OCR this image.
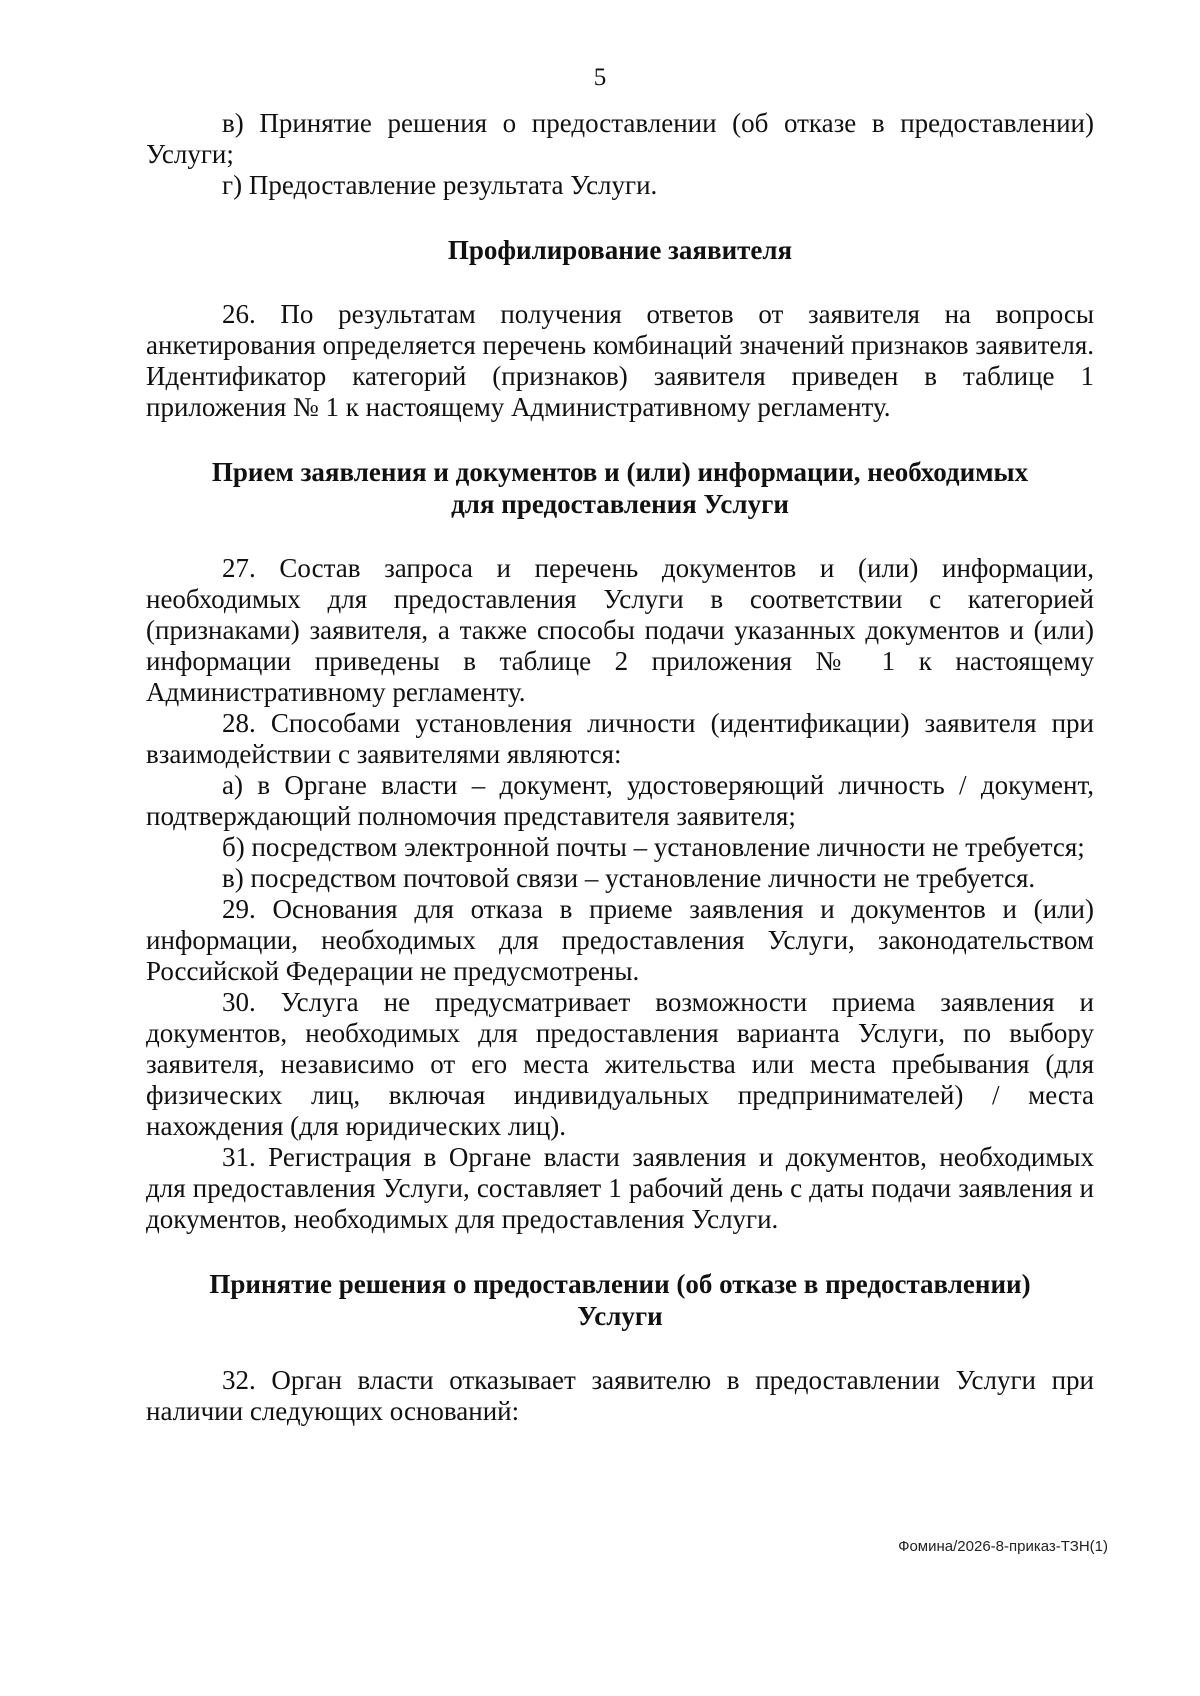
5

в) Принятие решения о предоставлении (об отказе в предоставлении) Услуги;

г) Предоставление результата Услуги.

Профилирование заявителя

26. По результатам получения ответов от заявителя на вопросы анкетирования определяется перечень комбинаций значений признаков заявителя. Идентификатор категорий (признаков) заявителя приведен в таблице 1 приложения № 1 к настоящему Административному регламенту.

Прием заявления и документов и (или) информации, необходимых
для предоставления Услуги

27. Состав запроса и перечень документов и (или) информации, необходимых для предоставления Услуги в соответствии с категорией (признаками) заявителя, а также способы подачи указанных документов и (или) информации приведены в таблице 2 приложения № 1 к настоящему Административному регламенту.

28. Способами установления личности (идентификации) заявителя при взаимодействии с заявителями являются:

а) в Органе власти – документ, удостоверяющий личность / документ, подтверждающий полномочия представителя заявителя;

б) посредством электронной почты – установление личности не требуется;

в) посредством почтовой связи – установление личности не требуется.

29. Основания для отказа в приеме заявления и документов и (или) информации, необходимых для предоставления Услуги, законодательством Российской Федерации не предусмотрены.

30. Услуга не предусматривает возможности приема заявления и документов, необходимых для предоставления варианта Услуги, по выбору заявителя, независимо от его места жительства или места пребывания (для физических лиц, включая индивидуальных предпринимателей) / места нахождения (для юридических лиц).

31. Регистрация в Органе власти заявления и документов, необходимых для предоставления Услуги, составляет 1 рабочий день с даты подачи заявления и документов, необходимых для предоставления Услуги.

Принятие решения о предоставлении (об отказе в предоставлении)
Услуги

32. Орган власти отказывает заявителю в предоставлении Услуги при наличии следующих оснований:

Фомина/2026-8-приказ-ТЗН(1)
